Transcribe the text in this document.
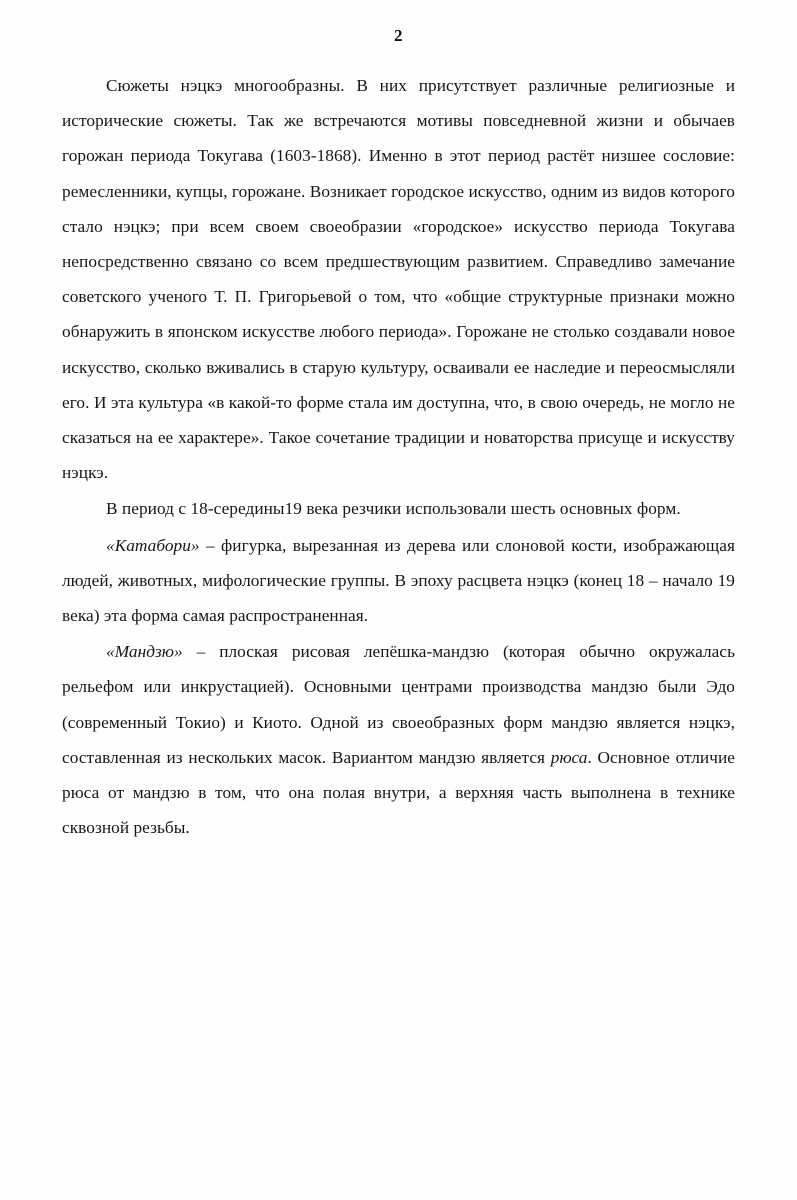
2

Сюжеты нэцкэ многообразны. В них присутствует различные религиозные и исторические сюжеты. Так же встречаются мотивы повседневной жизни и обычаев горожан периода Токугава (1603-1868). Именно в этот период растёт низшее сословие: ремесленники, купцы, горожане. Возникает городское искусство, одним из видов которого стало нэцкэ; при всем своем своеобразии «городское» искусство периода Токугава непосредственно связано со всем предшествующим развитием. Справедливо замечание советского ученого Т. П. Григорьевой о том, что «общие структурные признаки можно обнаружить в японском искусстве любого периода». Горожане не столько создавали новое искусство, сколько вживались в старую культуру, осваивали ее наследие и переосмысляли его. И эта культура «в какой-то форме стала им доступна, что, в свою очередь, не могло не сказаться на ее характере». Такое сочетание традиции и новаторства присуще и искусству нэцкэ.

В период с 18-середины19 века резчики использовали шесть основных форм.

«Катабори» – фигурка, вырезанная из дерева или слоновой кости, изображающая людей, животных, мифологические группы. В эпоху расцвета нэцкэ (конец 18 – начало 19 века) эта форма самая распространенная.

«Мандзю» – плоская рисовая лепёшка-мандзю (которая обычно окружалась рельефом или инкрустацией). Основными центрами производства мандзю были Эдо (современный Токио) и Киото. Одной из своеобразных форм мандзю является нэцкэ, составленная из нескольких масок. Вариантом мандзю является рюса. Основное отличие рюса от мандзю в том, что она полая внутри, а верхняя часть выполнена в технике сквозной резьбы.
